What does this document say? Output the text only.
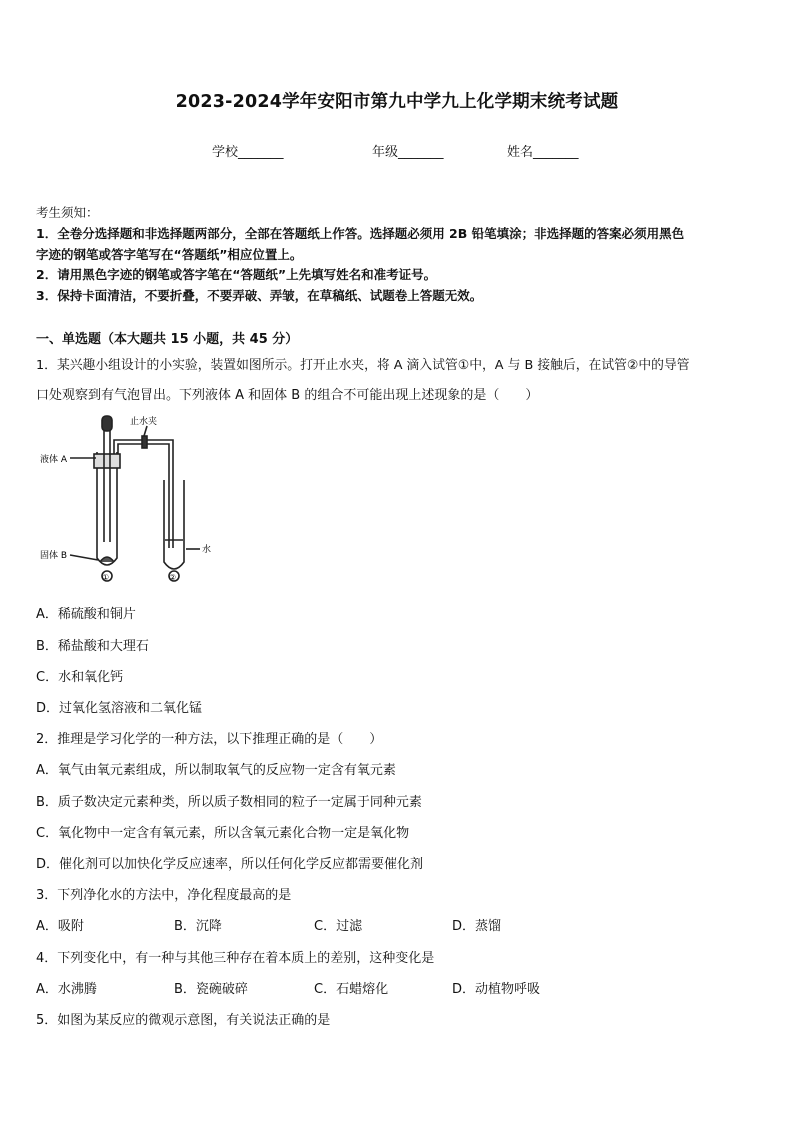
2023-2024学年安阳市第九中学九上化学期末统考试题
学校_______	年级_______	姓名_______
考生须知：
1．全卷分选择题和非选择题两部分，全部在答题纸上作答。选择题必须用 2B 铅笔填涂；非选择题的答案必须用黑色
字迹的钢笔或答字笔写在“答题纸”相应位置上。
2．请用黑色字迹的钢笔或答字笔在“答题纸”上先填写姓名和准考证号。
3．保持卡面清洁，不要折叠，不要弄破、弄皱，在草稿纸、试题卷上答题无效。
一、单选题（本大题共 15 小题，共 45 分）
1．某兴趣小组设计的小实验，装置如图所示。打开止水夹，将 A 滴入试管①中，A 与 B 接触后，在试管②中的导管
口处观察到有气泡冒出。下列液体 A 和固体 B 的组合不可能出现上述现象的是（　　）
止水夹
液体 A
固体 B
水
①	②
A．稀硫酸和铜片
B．稀盐酸和大理石
C．水和氧化钙
D．过氧化氢溶液和二氧化锰
2．推理是学习化学的一种方法，以下推理正确的是（　　）
A．氧气由氧元素组成，所以制取氧气的反应物一定含有氧元素
B．质子数决定元素种类，所以质子数相同的粒子一定属于同种元素
C．氧化物中一定含有氧元素，所以含氧元素化合物一定是氧化物
D．催化剂可以加快化学反应速率，所以任何化学反应都需要催化剂
3．下列净化水的方法中，净化程度最高的是
A．吸附	B．沉降	C．过滤	D．蒸馏
4．下列变化中，有一种与其他三种存在着本质上的差别，这种变化是
A．水沸腾	B．瓷碗破碎	C．石蜡熔化	D．动植物呼吸
5．如图为某反应的微观示意图，有关说法正确的是
